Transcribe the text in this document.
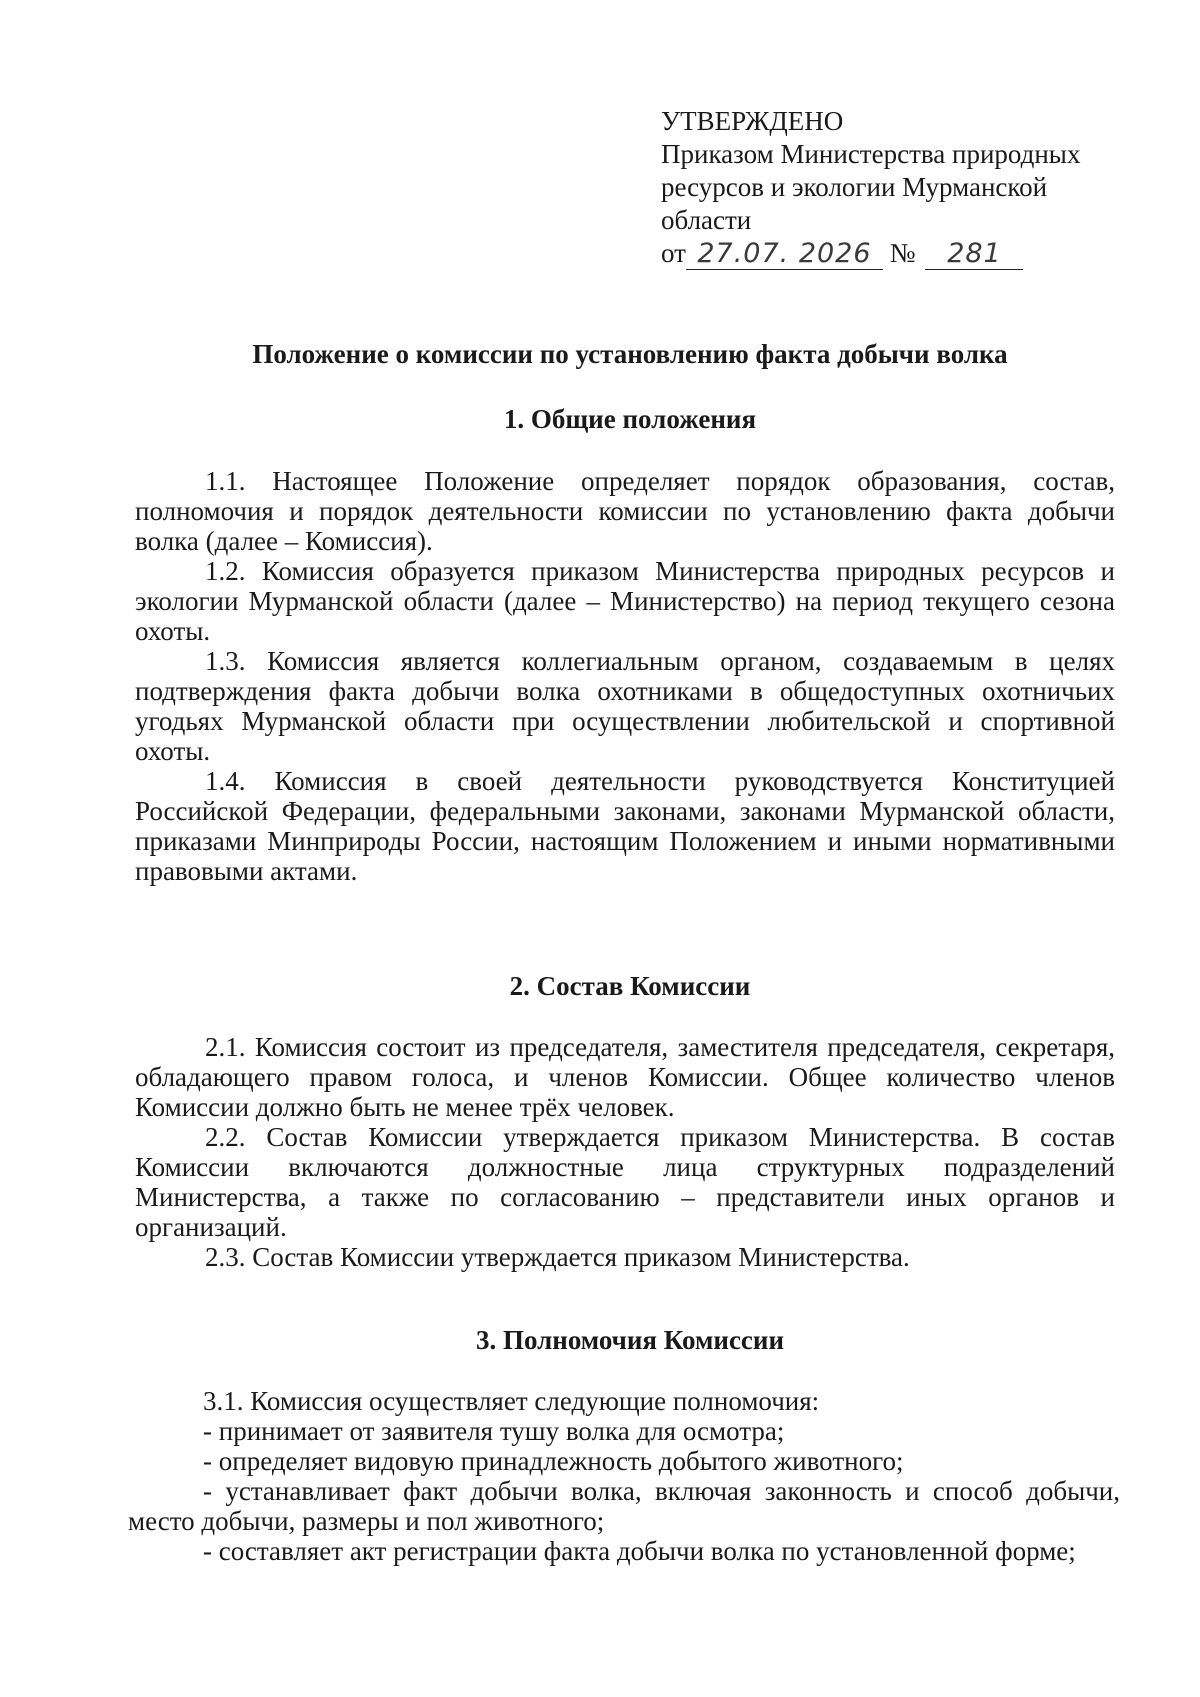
УТВЕРЖДЕНО
Приказом Министерства природных
ресурсов и экологии Мурманской
области
от 27.07. 2026 № 281
Положение о комиссии по установлению факта добычи волка
1. Общие положения

1.1. Настоящее Положение определяет порядок образования, состав, полномочия и порядок деятельности комиссии по установлению факта добычи волка (далее – Комиссия).

1.2. Комиссия образуется приказом Министерства природных ресурсов и экологии Мурманской области (далее – Министерство) на период текущего сезона охоты.

1.3. Комиссия является коллегиальным органом, создаваемым в целях подтверждения факта добычи волка охотниками в общедоступных охотничьих угодьях Мурманской области при осуществлении любительской и спортивной охоты.

1.4. Комиссия в своей деятельности руководствуется Конституцией Российской Федерации, федеральными законами, законами Мурманской области, приказами Минприроды России, настоящим Положением и иными нормативными правовыми актами.

2. Состав Комиссии

2.1. Комиссия состоит из председателя, заместителя председателя, секретаря, обладающего правом голоса, и членов Комиссии. Общее количество членов Комиссии должно быть не менее трёх человек.

2.2. Состав Комиссии утверждается приказом Министерства. В состав Комиссии включаются должностные лица структурных подразделений Министерства, а также по согласованию – представители иных органов и организаций.

2.3. Состав Комиссии утверждается приказом Министерства.

3. Полномочия Комиссии

3.1. Комиссия осуществляет следующие полномочия:

- принимает от заявителя тушу волка для осмотра;

- определяет видовую принадлежность добытого животного;

- устанавливает факт добычи волка, включая законность и способ добычи, место добычи, размеры и пол животного;

- составляет акт регистрации факта добычи волка по установленной форме;
